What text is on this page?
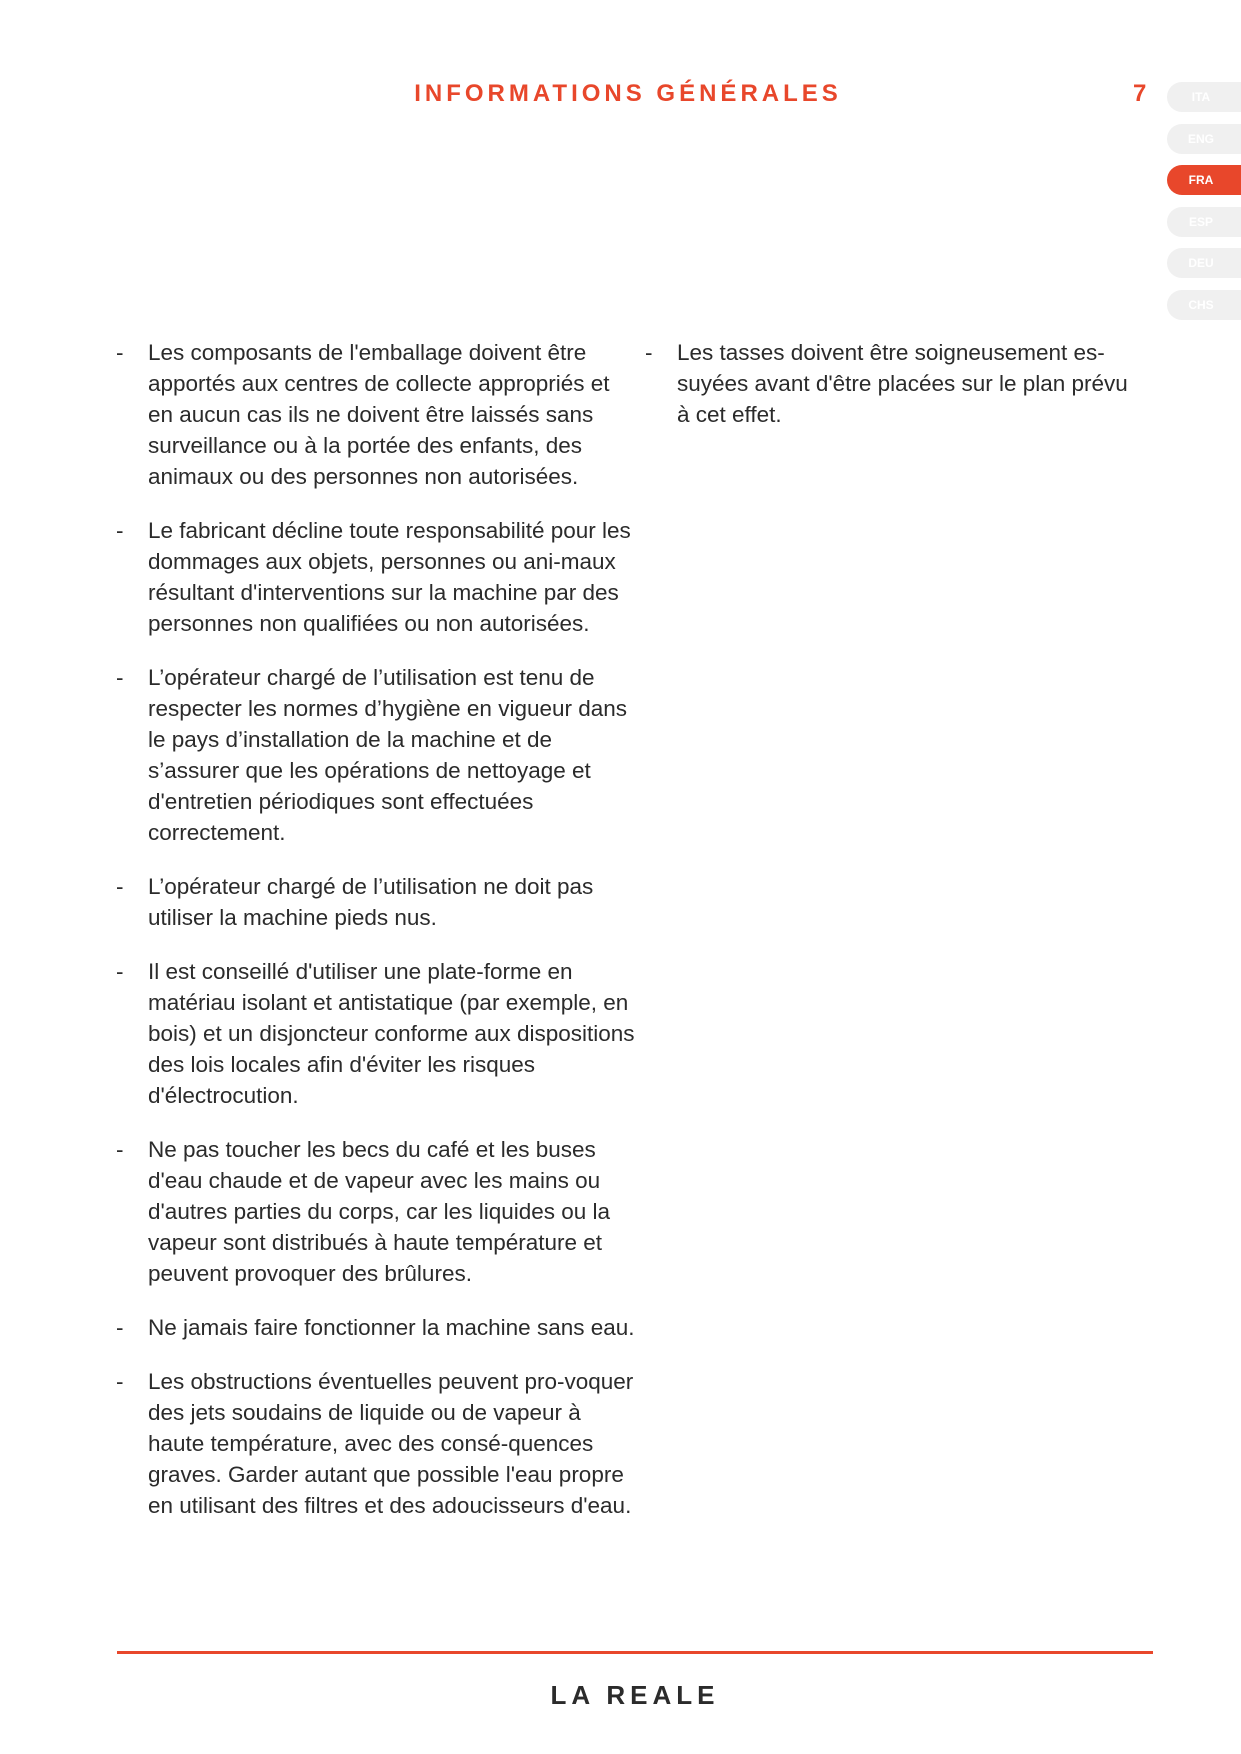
INFORMATIONS GÉNÉRALES	7	ITA
ENG
FRA
ESP
DEU
CHS
- Les composants de l'emballage doivent être apportés aux centres de collecte appropriés et en aucun cas ils ne doivent être laissés sans surveillance ou à la portée des enfants, des animaux ou des personnes non autorisées.
- Le fabricant décline toute responsabilité pour les dommages aux objets, personnes ou ani-maux résultant d'interventions sur la machine par des personnes non qualifiées ou non autorisées.
- L’opérateur chargé de l’utilisation est tenu de respecter les normes d’hygiène en vigueur dans le pays d’installation de la machine et de s’assurer que les opérations de nettoyage et d'entretien périodiques sont effectuées correctement.
- L’opérateur chargé de l’utilisation ne doit pas utiliser la machine pieds nus.
- Il est conseillé d'utiliser une plate-forme en matériau isolant et antistatique (par exemple, en bois) et un disjoncteur conforme aux dispositions des lois locales afin d'éviter les risques d'électrocution.
- Ne pas toucher les becs du café et les buses d'eau chaude et de vapeur avec les mains ou d'autres parties du corps, car les liquides ou la vapeur sont distribués à haute température et peuvent provoquer des brûlures.
- Ne jamais faire fonctionner la machine sans eau.
- Les obstructions éventuelles peuvent pro-voquer des jets soudains de liquide ou de vapeur à haute température, avec des consé-quences graves. Garder autant que possible l'eau propre en utilisant des filtres et des adoucisseurs d'eau.
- Les tasses doivent être soigneusement es-suyées avant d'être placées sur le plan prévu à cet effet.
LA REALE
